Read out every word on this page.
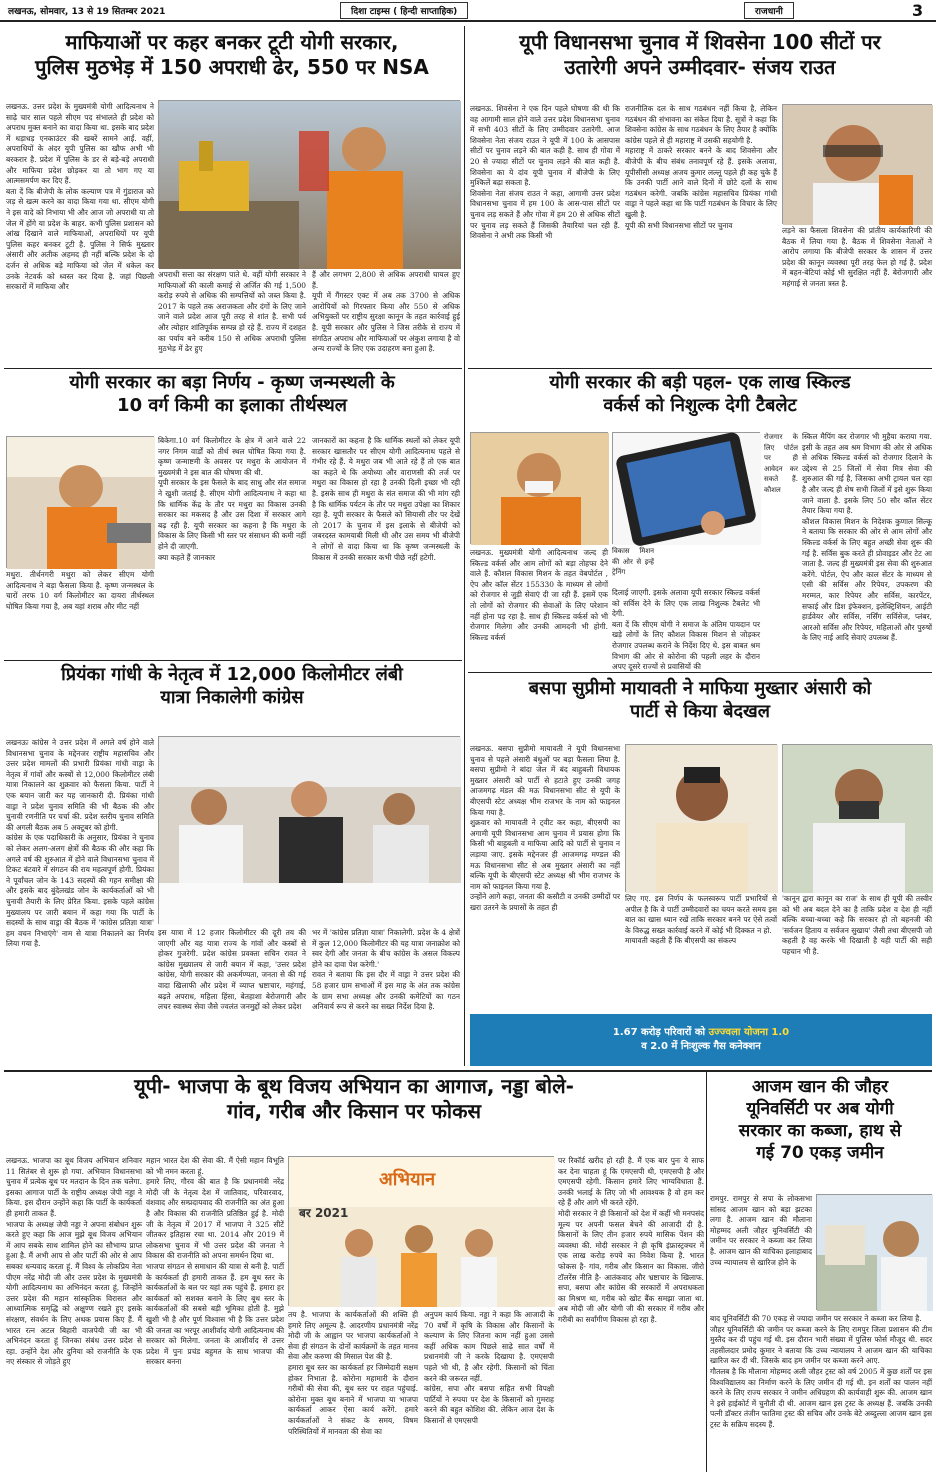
लखनऊ, सोमवार, 13 से 19 सितम्बर 2021	दिशा टाइम्स ( हिन्दी साप्ताहिक)	राजधानी	3
माफियाओं पर कहर बनकर टूटी योगी सरकार,
पुलिस मुठभेड़ में 150 अपराधी ढेर, 550 पर NSA
लखनऊ. उत्तर प्रदेश के मुख्यमंत्री योगी आदित्यनाथ ने साढ़े चार साल पहले सीएम पद संभालते ही प्रदेश को अपराध मुक्त बनाने का वादा किया था. इसके बाद प्रदेश में धड़ाधड़ एनकाउंटर की खबरें सामने आईं. वहीं, अपराधियों के अंदर यूपी पुलिस का खौफ अभी भी बरकरार है. प्रदेश में पुलिस के डर से बड़े-बड़े अपराधी और माफिया प्रदेश छोड़कर या तो भाग गए या आत्मसमर्पण कर दिए हैं.
बता दें कि बीजेपी के लोक कल्याण पत्र में गुंडाराज को जड़ से खत्म करने का वादा किया गया था. सीएम योगी ने इस वादे को निभाया भी और आज जो अपराधी या तो जेल में होंगे या प्रदेश के बाहर. कभी पुलिस प्रशासन को आंख दिखाने वाले माफियाओं, अपराधियों पर यूपी पुलिस कहर बनकर टूटी है. पुलिस ने सिर्फ मुख्तार अंसारी और अतीक अहमद ही नहीं बल्कि प्रदेश के दो दर्जन से अधिक बड़े माफिया को जेल में धकेल कर उनके नेटवर्क को ध्वस्त कर दिया है. जहां पिछली सरकारों में माफिया और
अपराधी सत्ता का संरक्षण पाते थे. वहीं योगी सरकार ने माफियाओं की काली कमाई से अर्जित की गई 1,500 करोड़ रुपये से अधिक की सम्पत्तियों को जब्त किया है. 2017 के पहले तक अराजकता और दंगों के लिए जाने जाने वाले प्रदेश आज पूरी तरह से शांत है. सभी पर्व और त्योहार शांतिपूर्वक सम्पन्न हो रहे हैं. राज्य में दशहत का पर्याय बने करीब 150 से अधिक अपराधी पुलिस मुठभेड़ में ढेर हुए
हैं और लगभग 2,800 से अधिक अपराधी घायल हुए हैं.
यूपी में गैंगस्टर एक्ट में अब तक 3700 से अधिक आरोपियों को गिरफ्तार किया और 550 से अधिक अभियुक्तों पर राष्ट्रीय सुरक्षा कानून के तहत कार्रवाई हुई है. यूपी सरकार और पुलिस ने जिस तरीके से राज्य में संगठित अपराध और माफियाओं पर अंकुश लगाया है वो अन्य राज्यों के लिए एक उदाहरण बना हुआ है.
यूपी विधानसभा चुनाव में शिवसेना 100 सीटों पर
उतारेगी अपने उम्मीदवार- संजय राउत
लखनऊ. शिवसेना ने एक दिन पहले घोषणा की थी कि वह आगामी साल होने वाले उत्तर प्रदेश विधानसभा चुनाव में सभी 403 सीटों के लिए उम्मीदवार उतारेगी. आज शिवसेना नेता संजय राउत ने यूपी में 100 के आसपास सीटों पर चुनाव लड़ने की बात कही है. साथ ही गोवा में 20 से ज्यादा सीटों पर चुनाव लड़ने की बात कही है. शिवसेना का ये दांव यूपी चुनाव में बीजेपी के लिए मुश्किलें बढ़ा सकता है.
शिवसेना नेता संजय राउत ने कहा, आगामी उत्तर प्रदेश विधानसभा चुनाव में हम 100 के आस-पास सीटों पर चुनाव लड़ सकते हैं और गोवा में हम 20 से अधिक सीटों पर चुनाव लड़ सकते हैं जिसकी तैयारियां चल रही हैं. शिवसेना ने अभी तक किसी भी
राजनीतिक दल के साथ गठबंधन नहीं किया है, लेकिन गठबंधन की संभावना का संकेत दिया है. सूत्रों ने कहा कि शिवसेना कांग्रेस के साथ गठबंधन के लिए तैयार है क्योंकि कांग्रेस पहले से ही महाराष्ट्र में उसकी सहयोगी है.
महाराष्ट्र में ठाकरे सरकार बनने के बाद शिवसेना और बीजेपी के बीच संबंध तनावपूर्ण रहे हैं. इसके अलावा, यूपीसीसी अध्यक्ष अजय कुमार लल्लू पहले ही कह चुके हैं कि उनकी पार्टी आने वाले दिनों में छोटे दलों के साथ गठबंधन करेगी. जबकि कांग्रेस महासचिव प्रियंका गांधी वाड्रा ने पहले कहा था कि पार्टी गठबंधन के विचार के लिए खुली है.
यूपी की सभी विधानसभा सीटों पर चुनाव
लड़ने का फैसला शिवसेना की प्रांतीय कार्यकारिणी की बैठक में लिया गया है. बैठक में शिवसेना नेताओं ने आरोप लगाया कि बीजेपी सरकार के शासन में उत्तर प्रदेश की कानून व्यवस्था पूरी तरह फेल हो गई है. प्रदेश में बहन-बेटियां कोई भी सुरक्षित नहीं हैं. बेरोजगारी और महंगाई से जनता त्रस्त है.
योगी सरकार का बड़ा निर्णय - कृष्ण जन्मस्थली के
10 वर्ग किमी का इलाका तीर्थस्थल
मथुरा. तीर्थनगरी मथुरा को लेकर सीएम योगी आदित्यनाथ ने बड़ा फैसला किया है. कृष्ण जन्मस्थल के चारों तरफ 10 वर्ग किलोमीटर का दायरा तीर्थस्थल घोषित किया गया है, अब यहां शराब और मीट नहीं
बिकेगा.10 वर्ग किलोमीटर के क्षेत्र में आने वाले 22 नगर निगम वार्डों को तीर्थ स्थल घोषित किया गया है. कृष्ण जन्माष्टमी के अवसर पर मथुरा के आयोजन में मुख्यमंत्री ने इस बात की घोषणा की थी.
यूपी सरकार के इस फैसले के बाद साधु और संत समाज ने खुशी जताई है. सीएम योगी आदित्यनाथ ने कहा था कि धार्मिक केंद्र के तौर पर मथुरा का विकास उनकी सरकार का मकसद है और उस दिशा में सरकार आगे बढ़ रही है. यूपी सरकार का कहना है कि मथुरा के विकास के लिए किसी भी स्तर पर संसाधन की कमी नहीं होने दी जाएगी.
क्या कहते हैं जानकार
जानकारों का कहना है कि धार्मिक स्थलों को लेकर यूपी सरकार खासतौर पर सीएम योगी आदित्यनाथ पहले से गंभीर रहे हैं. ये मथुरा जब भी आते रहे हैं तो एक बात का कहते थे कि अयोध्या और वाराणसी की तर्ज पर मथुरा का विकास हो रहा है उनकी दिली इच्छा भी रही है. इसके साथ ही मथुरा के संत समाज की भी मांग रही है कि धार्मिक पर्यटन के तौर पर मथुरा उपेक्षा का शिकार रहा है. यूपी सरकार के फैसले को सियासी तौर पर देखें तो 2017 के चुनाव में इस इलाके से बीजेपी को जबरदस्त कामयाबी मिली थी और उस समय भी बीजेपी ने लोगों से वादा किया था कि कृष्ण जन्मस्थली के विकास में उनकी सरकार कभी पीछे नहीं हटेगी.
योगी सरकार की बड़ी पहल- एक लाख स्किल्ड
वर्कर्स को निशुल्क देगी टैबलेट
रोजगार के लिए पोर्टल पर ही आवेदन कर सकते हैं. कौशल
विकास मिशन की ओर से इन्हें ट्रेनिंग
लखनऊ. मुख्यमंत्री योगी आदित्यनाथ जल्द ही स्किल्ड वर्कर्स और आम लोगों को बड़ा तोहफा देने वाले हैं. कौशल विकास मिशन के तहत वेबपोर्टल , ऐप और कॉल सेंटर 155330 के माध्यम से लोगों को रोजगार से जुड़ी सेवाएं दी जा रही हैं. इसमें एक तो लोगों को रोजगार की सेवाओं के लिए परेशान नहीं होना पड़ रहा है. साथ ही स्किल्ड वर्कर्स को भी रोजगार मिलेगा और उनकी आमदनी भी होगी. स्किल्ड वर्कर्स
दिलाई जाएगी. इसके अलावा यूपी सरकार स्किल्ड वर्कर्स को सर्विस देने के लिए एक लाख निशुल्क टैबलेट भी देगी.
बता दें कि सीएम योगी ने समाज के अंतिम पायदान पर खड़े लोगों के लिए कौशल विकास मिशन से जोड़कर रोजगार उपलब्ध कराने के निर्देश दिए थे. इस बाबत श्रम विभाग की ओर से कोरोना की पहली लहर के दौरान अपए दूसरे राज्यों से प्रवासियों की
स्किल मैपिंग कर रोजगार भी मुहैया कराया गया. इसी के तहत अब श्रम विभाग की ओर से अधिक से अधिक स्किल्ड वर्कर्स को रोजगार दिलाने के उद्देश्य से 25 जिलों में सेवा मित्र सेवा की शुरुआत की गई है, जिसका अभी ट्रायल चल रहा है और जल्द ही शेष सभी जिलों में इसे शुरू किया जाने वाला है. इसके लिए 50 सौर कॉल सेंटर तैयार किया गया है.
कौशल विकास मिशन के निदेशक कुणाल सिल्कू ने बताया कि सरकार की ओर से आम लोगों और स्किल्ड वर्कर्स के लिए बहुत अच्छी सेवा शुरू की गई है. सर्विस बुक करते ही प्रोवाइडर और टेट आ जाता है. जल्द ही मुख्यमंत्री इस सेवा की शुरुआत करेंगे. पोर्टल, ऐप और काल सेंटर के माध्यम से एसी की सर्विस और रिपेयर, उपकरण की मरम्मत, कार रिपेयर और सर्विस, कारपेंटर, सफाई और डिश इंफेक्शन, इलेक्ट्रिशियन, आईटी हार्डवेयर और सर्विस, नर्सिंग सर्विसेज, प्लंबर, आरओ सर्विस और रिपेयर, महिलाओं और पुरुषों के लिए नाई आदि सेवाएं उपलब्ध हैं.
प्रियंका गांधी के नेतृत्व में 12,000 किलोमीटर लंबी
यात्रा निकालेगी कांग्रेस
लखनऊः कांग्रेस ने उत्तर प्रदेश में अगले वर्ष होने वाले विधानसभा चुनाव के मद्देनजर राष्ट्रीय महासचिव और उत्तर प्रदेश मामलों की प्रभारी प्रियंका गांधी वाड्रा के नेतृत्व में गांवों और कस्बों से 12,000 किलोमीटर लंबी यात्रा निकालने का शुक्रवार को फैसला किया. पार्टी ने एक बयान जारी कर यह जानकारी दी. प्रियंका गांधी वाड्रा ने प्रदेश चुनाव समिति की भी बैठक की और चुनावी रणनीति पर चर्चा की. प्रदेश स्तरीय चुनाव समिति की अगली बैठक अब 5 अक्टूबर को होगी.
कांग्रेस के एक पदाधिकारी के अनुसार, प्रियंका ने चुनाव को लेकर अलग-अलग क्षेत्रों की बैठक की और कहा कि अगले वर्ष की शुरुआत में होने वाले विधानसभा चुनाव में टिकट बंटवारे में संगठन की राय महत्वपूर्ण होगी. प्रियंका ने पूर्वांचल जोन के 143 सदस्यों की गहन समीक्षा की और इसके बाद बुंदेलखंड जोन के कार्यकर्ताओं को भी चुनावी तैयारी के लिए प्रेरित किया. इसके पहले कांग्रेस मुख्यालय पर जारी बयान में कहा गया कि पार्टी के सदस्यों के साथ वाड्रा की बैठक में 'कांग्रेस प्रतिज्ञा यात्रा' हम वचन निभाएंगे' नाम से यात्रा निकालने का निर्णय लिया गया है.
इस यात्रा में 12 हजार किलोमीटर की दूरी तय की जाएगी और यह यात्रा राज्य के गांवों और कस्बों से होकर गुजरेगी. प्रदेश कांग्रेस प्रवक्ता सचिन रावत ने कांग्रेस मुख्यालय से जारी बयान में कहा, 'उत्तर प्रदेश कांग्रेस, योगी सरकार की अकर्मण्यता, जनता से की गई वादा खिलाफी और प्रदेश में व्याप्त भ्रष्टाचार, महंगाई, बढ़ते अपराध, महिला हिंसा, बेतहाशा बेरोजगारी और लचर स्वास्थ्य सेवा जैसे ज्वलंत जनमुद्दों को लेकर प्रदेश
भर में 'कांग्रेस प्रतिज्ञा यात्रा' निकालेगी. प्रदेश के 4 क्षेत्रों में कुल 12,000 किलोमीटर की यह यात्रा जनाक्रोश को स्वर देगी और जनता के बीच कांग्रेस के असल विकल्प होने का दावा पेश करेगी.'
रावत ने बताया कि इस दौर में वाड्रा ने उत्तर प्रदेश की 58 हजार ग्राम सभाओं में इस माह के अंत तक कांग्रेस के ग्राम सभा अध्यक्ष और उनकी कमेटियों का गठन अनिवार्य रूप से करने का सख्त निर्देश दिया है.
बसपा सुप्रीमो मायावती ने माफिया मुख्तार अंसारी को
पार्टी से किया बेदखल
लखनऊ. बसपा सुप्रीमो मायावती ने यूपी विधानसभा चुनाव से पहले अंसारी बंधुओं पर बड़ा फैसला लिया है. बसपा सुप्रीमो ने बांदा जेल में बंद बाहुबली विधायक मुख्तार अंसारी को पार्टी से हटाते हुए उनकी जगह आजमगढ़ मंडल की मऊ विधानसभा सीट से यूपी के बीएसपी स्टेट अध्यक्ष भीम राजभर के नाम को फाइनल किया गया है.
शुक्रवार को मायावती ने ट्वीट कर कहा, बीएसपी का अगामी यूपी विधानसभा आम चुनाव में प्रयास होगा कि किसी भी बाहुबली व माफिया आदि को पार्टी से चुनाव न लड़ाया जाए. इसके मद्देनजर ही आजमगढ़ मण्डल की मऊ विधानसभा सीट से अब मुख्तार अंसारी का नहीं बल्कि यूपी के बीएसपी स्टेट अध्यक्ष श्री भीम राजभर के नाम को फाइनल किया गया है.
उन्होंने आगे कहा, जनता की कसौटी व उनकी उम्मीदों पर खरा उतरने के प्रयासों के तहत ही
लिए गए. इस निर्णय के फलस्वरूप पार्टी प्रभारियों से अपील है कि वे पार्टी उम्मीदवारों का चयन करते समय इस बात का खास ध्यान रखें ताकि सरकार बनने पर ऐसे तत्वों के विरुद्ध सख्त कार्रवाई करने में कोई भी दिक्कत न हो.
मायावती कहती हैं कि बीएसपी का संकल्प
'कानून द्वारा कानून का राज' के साथ ही यूपी की तस्वीर को भी अब बदल देने का है ताकि प्रदेश व देश ही नहीं बल्कि बच्चा-बच्चा कहे कि सरकार हो तो बहनजी की 'सर्वजन हिताय व सर्वजन सुखाय' जैसी तथा बीएसपी जो कहती है वह करके भी दिखाती है यही पार्टी की सही पहचान भी है.
1.67 करोड़ परिवारों को उज्ज्वला योजना 1.0
व 2.0 में निःशुल्क गैस कनेक्शन
यूपी- भाजपा के बूथ विजय अभियान का आगाज, नड्डा बोले-
गांव, गरीब और किसान पर फोकस
लखनऊ. भाजपा का बूथ विजय अभियान शनिवार 11 सितंबर से शुरू हो गया. अभियान विधानसभा चुनाव में प्रत्येक बूथ पर मतदान के दिन तक चलेगा. इसका आगाज पार्टी के राष्ट्रीय अध्यक्ष जेपी नड्डा ने किया. इस दौरान उन्होंने कहा कि पार्टी के कार्यकर्ता ही हमारी ताकत हैं.
भाजपा के अध्यक्ष जेपी नड्डा ने अपना संबोधन शुरू करते हुए कहा कि आज मुझे बूथ विजय अभियान में आप सबके साथ शामिल होने का सौभाग्य प्राप्त हुआ है. मैं अभी आप से और पार्टी की ओर से आप सबका धन्यवाद करता हूं. मैं विश्व के लोकप्रिय नेता पीएम नरेंद्र मोदी जी और उत्तर प्रदेश के मुख्यमंत्री योगी आदित्यनाथ का अभिनंदन करता हूं, जिन्होंने उत्तर प्रदेश की महान सांस्कृतिक विरासत और आध्यात्मिक समृद्धि को अक्षुण्ण रखते हुए इसके संरक्षण, संवर्धन के लिए अथक प्रयास किए हैं. मैं भारत रत्न अटल बिहारी वाजपेयी जी का भी अभिनंदन करता हूं जिनका संबंध उत्तर प्रदेश से रहा. उन्होंने देश और दुनिया को राजनीति के एक नए संस्कार से जोड़ते हुए
महान भारत देश की सेवा की. मैं ऐसी महान विभूति को भी नमन करता हूं.
हमारे लिए, गौरव की बात है कि प्रधानमंत्री नरेंद्र मोदी जी के नेतृत्व देश में जातिवाद, परिवारवाद, वंशवाद और सम्प्रदायवाद की राजनीति का अंत हुआ है और विकास की राजनीति प्रतिष्ठित हुई है. मोदी जी के नेतृत्व में 2017 में भाजपा ने 325 सीटें जीतकर इतिहास रचा था. 2014 और 2019 में लोकसभा चुनाव में भी उत्तर प्रदेश की जनता ने विकास की राजनीति को अपना समर्थन दिया था.
भाजपा संगठन से समाधान की यात्रा से बनी है. पार्टी के कार्यकर्ता ही हमारी ताकत हैं. हम बूथ स्तर के कार्यकर्ताओं के बल पर यहां तक पहुंचे हैं. हमारा हर कार्यकर्ता को सशक्त बनाने के लिए बूथ स्तर के कार्यकर्ताओं की सबसे बड़ी भूमिका होती है. मुझे खुशी भी है और पूर्ण विश्वास भी है कि उत्तर प्रदेश की जनता का भरपूर आशीर्वाद योगी आदित्यनाथ की सरकार को मिलेगा. जनता के आशीर्वाद से उत्तर प्रदेश में पुनः प्रचंड बहुमत के साथ भाजपा की सरकार बनना
अभियान
बर 2021
तय है. भाजपा के कार्यकर्ताओं की शक्ति ही हमारे लिए अमूल्य है. आदरणीय प्रधानमंत्री नरेंद्र मोदी जी के आह्वान पर भाजपा कार्यकर्ताओं ने सेवा ही संगठन के दोनों कार्यक्रमों के तहत मानव सेवा और करुणा की मिसाल पेश की है.
हमारा बूथ स्तर का कार्यकर्ता हर जिम्मेदारी सक्षम होकर निभाता है. कोरोना महामारी के दौरान गरीबों की सेवा की, बूथ स्तर पर राहत पहुंचाई. कोरोना मुक्त बूथ बनाने में भाजपा या भाजपा कार्यकर्ता आकर ऐसा कार्य करेंगे. हमारे कार्यकर्ताओं ने संकट के समय, विषम परिस्थितियों में मानवता की सेवा का
अनुपम कार्य किया. नड्डा ने कहा कि आजादी के 70 वर्षों में कृषि के विकास और किसानों के कल्याण के लिए जितना काम नहीं हुआ उससे कहीं अधिक काम पिछले साढ़े सात वर्षों में प्रधानमंत्री जी ने करके दिखाया है. एमएसपी पहले भी थी, है और रहेगी. किसानों को चिंता करने की जरूरत नहीं.
कांग्रेस, सपा और बसपा सहित सभी विपक्षी पार्टियों ने रुपया पर देश के किसानों को गुमराह करने की बहुत कोशिश की. लेकिन आज देश के किसानों से एमएसपी
पर रिकॉर्ड खरीद हो रही है. मैं एक बार पुनः ये साफ कर देना चाहता हूं कि एमएसपी थी, एमएसपी है और एमएसपी रहेगी. किसान हमारे लिए भाग्यविधाता हैं. उनकी भलाई के लिए जो भी आवश्यक है वो हम कर रहे हैं और आगे भी करते रहेंगे.
मोदी सरकार ने ही किसानों को देश में कहीं भी मनपसंद मूल्य पर अपनी फसल बेचने की आजादी दी है. किसानों के लिए तीन हजार रुपये मासिक पेंशन की व्यवस्था की. मोदी सरकार ने ही कृषि इंफ्रास्ट्रक्चर में एक लाख करोड़ रुपये का निवेश किया है. भारत फोकस है- गांव, गरीब और किसान का विकास. जीरो टॉलरेंस नीति है- आतंकवाद और भ्रष्टाचार के खिलाफ. सपा, बसपा और कांग्रेस की सरकारों में अपराधकता का मिश्रण था, गरीब को खोट बैंक समझा जाता था. अब मोदी जी और योगी जी की सरकार में गरीब और गरीबी का सर्वांगीण विकास हो रहा है.
आजम खान की जौहर
यूनिवर्सिटी पर अब योगी
सरकार का कब्जा, हाथ से
गई 70 एकड़ जमीन
रामपुर. रामपुर से सपा के लोकसभा सांसद आजम खान को बड़ा झटका लगा है. आजम खान की मौलाना मोहम्मद अली जौहर यूनिवर्सिटी की जमीन पर सरकार ने कब्जा कर लिया है. आजम खान की याचिका इलाहाबाद उच्च न्यायालय से खारिज होने के
बाद यूनिवर्सिटी की 70 एकड़ से ज्यादा जमीन पर सरकार ने कब्जा कर लिया है.
जौहर यूनिवर्सिटी की जमीन पर कब्जा करने के लिए रामपुर जिला प्रशासन की टीम मुस्तैद कर दी पहुंच गई थी. इस दौरान भारी संख्या में पुलिस फोर्स मौजूद थी. सदर तहसीलदार प्रमोद कुमार ने बताया कि उच्च न्यायालय ने आजम खान की याचिका खारिज कर दी थी. जिसके बाद हम जमीन पर कब्जा करने आए.
गौतलब है कि मौलाना मोहम्मद अली जौहर ट्रस्ट को वर्ष 2005 में कुछ शर्तों पर इस विश्वविद्यालय का निर्माण करने के लिए जमीन दी गई थी. इन शर्तों का पालन नहीं करने के लिए राज्य सरकार ने जमीन अधिग्रहण की कार्यवाही शुरू की. आजम खान ने इसे हाईकोर्ट में चुनौती दी थी. आजम खान इस ट्रस्ट के अध्यक्ष हैं. जबकि उनकी पत्नी डॉक्टर तंजीन फातिमा ट्रस्ट की सचिव और उनके बेटे अब्दुल्ला आजम खान इस ट्रस्ट के सक्रिय सदस्य हैं.
